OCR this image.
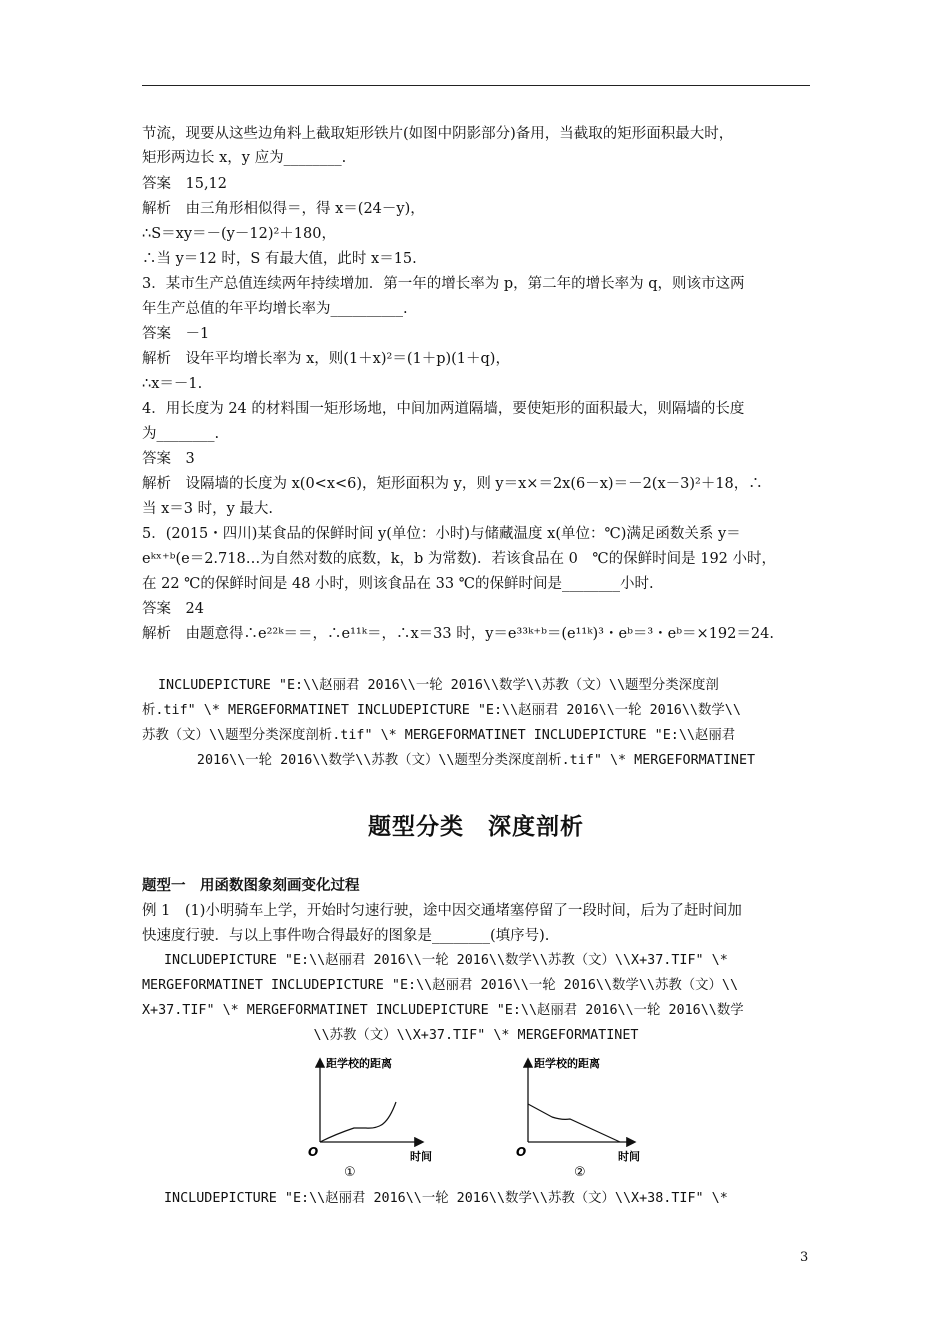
节流，现要从这些边角料上截取矩形铁片(如图中阴影部分)备用，当截取的矩形面积最大时，
矩形两边长 x，y 应为________.
答案　15,12
解析　由三角形相似得＝，得 x＝(24－y)，
∴S＝xy＝－(y－12)²＋180，
∴当 y＝12 时，S 有最大值，此时 x＝15.
3．某市生产总值连续两年持续增加．第一年的增长率为 p，第二年的增长率为 q，则该市这两
年生产总值的年平均增长率为__________.
答案　－1
解析　设年平均增长率为 x，则(1＋x)²＝(1＋p)(1＋q)，
∴x＝－1.
4．用长度为 24 的材料围一矩形场地，中间加两道隔墙，要使矩形的面积最大，则隔墙的长度
为________.
答案　3
解析　设隔墙的长度为 x(0<x<6)，矩形面积为 y，则 y＝x×＝2x(6－x)＝－2(x－3)²＋18，∴
当 x＝3 时，y 最大.
5．(2015・四川)某食品的保鲜时间 y(单位：小时)与储藏温度 x(单位：℃)满足函数关系 y＝
eᵏˣ⁺ᵇ(e＝2.718…为自然对数的底数，k，b 为常数)．若该食品在 0　℃的保鲜时间是 192 小时，
在 22 ℃的保鲜时间是 48 小时，则该食品在 33 ℃的保鲜时间是________小时.
答案　24
解析　由题意得∴e²²ᵏ＝＝，∴e¹¹ᵏ＝，∴x＝33 时，y＝e³³ᵏ⁺ᵇ＝(e¹¹ᵏ)³・eᵇ＝³・eᵇ＝×192＝24.
INCLUDEPICTURE "E:\\赵丽君 2016\\一轮 2016\\数学\\苏教（文）\\题型分类深度剖
析.tif" \* MERGEFORMATINET INCLUDEPICTURE "E:\\赵丽君 2016\\一轮 2016\\数学\\
苏教（文）\\题型分类深度剖析.tif" \* MERGEFORMATINET INCLUDEPICTURE "E:\\赵丽君
2016\\一轮 2016\\数学\\苏教（文）\\题型分类深度剖析.tif" \* MERGEFORMATINET
题型分类　深度剖析
题型一　用函数图象刻画变化过程
例 1　(1)小明骑车上学，开始时匀速行驶，途中因交通堵塞停留了一段时间，后为了赶时间加
快速度行驶．与以上事件吻合得最好的图象是________(填序号).
INCLUDEPICTURE "E:\\赵丽君 2016\\一轮 2016\\数学\\苏教（文）\\X+37.TIF" \*
MERGEFORMATINET INCLUDEPICTURE "E:\\赵丽君 2016\\一轮 2016\\数学\\苏教（文）\\
X+37.TIF" \* MERGEFORMATINET INCLUDEPICTURE "E:\\赵丽君 2016\\一轮 2016\\数学
\\苏教（文）\\X+37.TIF" \* MERGEFORMATINET
距学校的距离
O	时间
①
距学校的距离
O	时间
②
INCLUDEPICTURE "E:\\赵丽君 2016\\一轮 2016\\数学\\苏教（文）\\X+38.TIF" \*
3
